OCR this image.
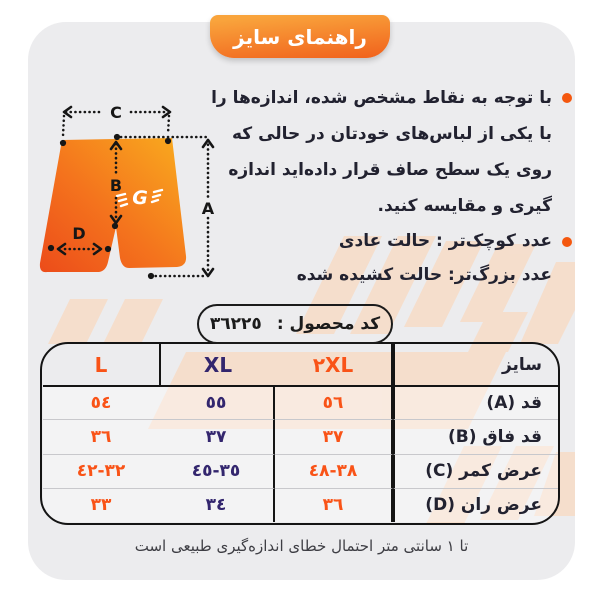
راهنمای سایز
با توجه به نقاط مشخص شده، اندازه‌ها را با یکی از لباس‌های خودتان در حالی که روی یک سطح صاف قرار داده‌اید اندازه گیری و مقایسه کنید.
عدد کوچک‌تر : حالت عادی
عدد بزرگ‌تر: حالت کشیده شده
G
C
B
A
D
سایز
٢XL
XL
L
قد (A)
٥٦
٥٥
٥٤
قد فاق (B)
٣٧
٣٧
٣٦
عرض کمر (C)
٣٨-٤٨
٣٥-٤٥
٣٢-٤٢
عرض ران (D)
٣٦
٣٤
٣٣
کد محصول :
٣٦٢٢٥
تا ١ سانتی متر احتمال خطای اندازه‌گیری طبیعی است
